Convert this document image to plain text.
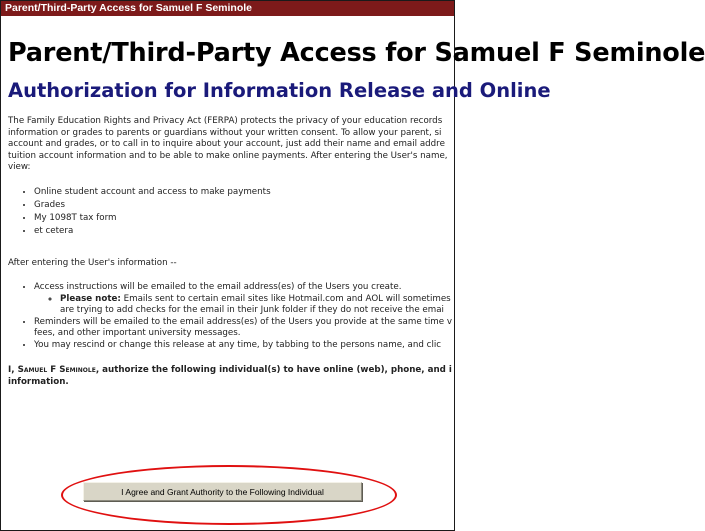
Parent/Third-Party Access for Samuel F Seminole
Parent/Third-Party Access for Samuel F Seminole
Authorization for Information Release and Online
The Family Education Rights and Privacy Act (FERPA) protects the privacy of your education records
information or grades to parents or guardians without your written consent. To allow your parent, si
account and grades, or to call in to inquire about your account, just add their name and email addre
tuition account information and to be able to make online payments. After entering the User's name,
view:
• Online student account and access to make payments
• Grades
• My 1098T tax form
• et cetera
After entering the User's information --
• Access instructions will be emailed to the email address(es) of the Users you create.
◦ Please note: Emails sent to certain email sites like Hotmail.com and AOL will sometimes
are trying to add checks for the email in their Junk folder if they do not receive the emai
• Reminders will be emailed to the email address(es) of the Users you provide at the same time v
fees, and other important university messages.
• You may rescind or change this release at any time, by tabbing to the persons name, and clic
I, Samuel F Seminole, authorize the following individual(s) to have online (web), phone, and i
information.
I Agree and Grant Authority to the Following Individual
